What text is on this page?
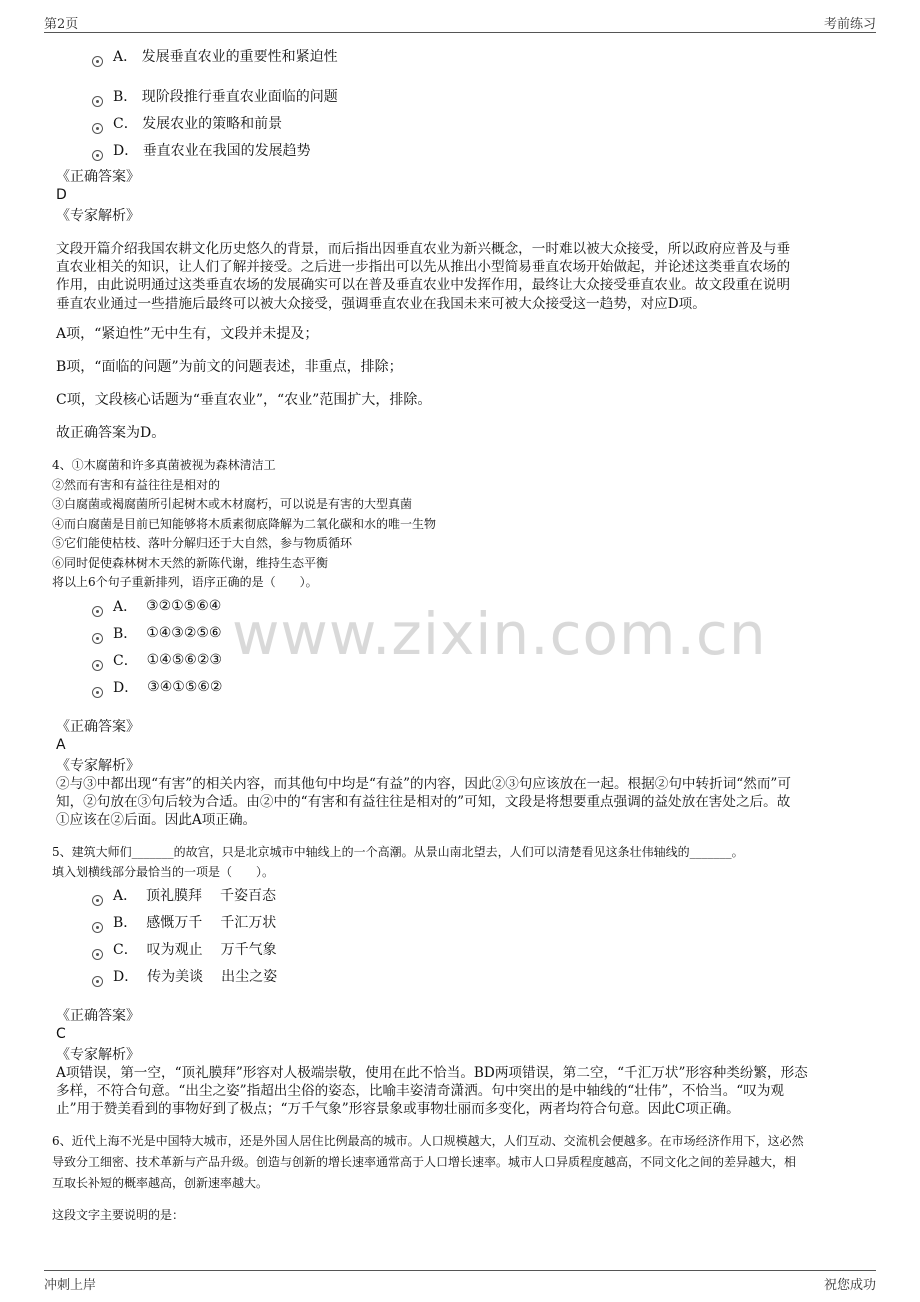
第2页	考前练习
www.zixin.com.cn
A．
发展垂直农业的重要性和紧迫性
B．
现阶段推行垂直农业面临的问题
C．
发展农业的策略和前景
D．
垂直农业在我国的发展趋势
《正确答案》
D
《专家解析》
文段开篇介绍我国农耕文化历史悠久的背景，而后指出因垂直农业为新兴概念，一时难以被大众接受，所以政府应普及与垂
直农业相关的知识，让人们了解并接受。之后进一步指出可以先从推出小型简易垂直农场开始做起，并论述这类垂直农场的
作用，由此说明通过这类垂直农场的发展确实可以在普及垂直农业中发挥作用，最终让大众接受垂直农业。故文段重在说明
垂直农业通过一些措施后最终可以被大众接受，强调垂直农业在我国未来可被大众接受这一趋势，对应D项。
A项，“紧迫性”无中生有，文段并未提及；
B项，“面临的问题”为前文的问题表述，非重点，排除；
C项，文段核心话题为“垂直农业”，“农业”范围扩大，排除。
故正确答案为D。
4、①木腐菌和许多真菌被视为森林清洁工
②然而有害和有益往往是相对的
③白腐菌或褐腐菌所引起树木或木材腐朽，可以说是有害的大型真菌
④而白腐菌是目前已知能够将木质素彻底降解为二氧化碳和水的唯一生物
⑤它们能使枯枝、落叶分解归还于大自然，参与物质循环
⑥同时促使森林树木天然的新陈代谢，维持生态平衡
将以上6个句子重新排列，语序正确的是（　　）。
A．
③②①⑤⑥④
B．
①④③②⑤⑥
C．
①④⑤⑥②③
D．
③④①⑤⑥②
《正确答案》
A
《专家解析》
②与③中都出现“有害”的相关内容，而其他句中均是“有益”的内容，因此②③句应该放在一起。根据②句中转折词“然而”可
知，②句放在③句后较为合适。由②中的“有害和有益往往是相对的”可知，文段是将想要重点强调的益处放在害处之后。故
①应该在②后面。因此A项正确。
5、建筑大师们_______的故宫，只是北京城市中轴线上的一个高潮。从景山南北望去，人们可以清楚看见这条壮伟轴线的_______。
填入划横线部分最恰当的一项是（　　）。
A．
顶礼膜拜 千姿百态
B．
感慨万千 千汇万状
C．
叹为观止 万千气象
D．
传为美谈 出尘之姿
《正确答案》
C
《专家解析》
A项错误，第一空，“顶礼膜拜”形容对人极端崇敬，使用在此不恰当。BD两项错误，第二空，“千汇万状”形容种类纷繁，形态
多样，不符合句意。“出尘之姿”指超出尘俗的姿态，比喻丰姿清奇潇洒。句中突出的是中轴线的“壮伟”，不恰当。“叹为观
止”用于赞美看到的事物好到了极点；“万千气象”形容景象或事物壮丽而多变化，两者均符合句意。因此C项正确。
6、近代上海不光是中国特大城市，还是外国人居住比例最高的城市。人口规模越大，人们互动、交流机会便越多。在市场经济作用下，这必然
导致分工细密、技术革新与产品升级。创造与创新的增长速率通常高于人口增长速率。城市人口异质程度越高，不同文化之间的差异越大，相
互取长补短的概率越高，创新速率越大。
这段文字主要说明的是：
冲刺上岸	祝您成功
